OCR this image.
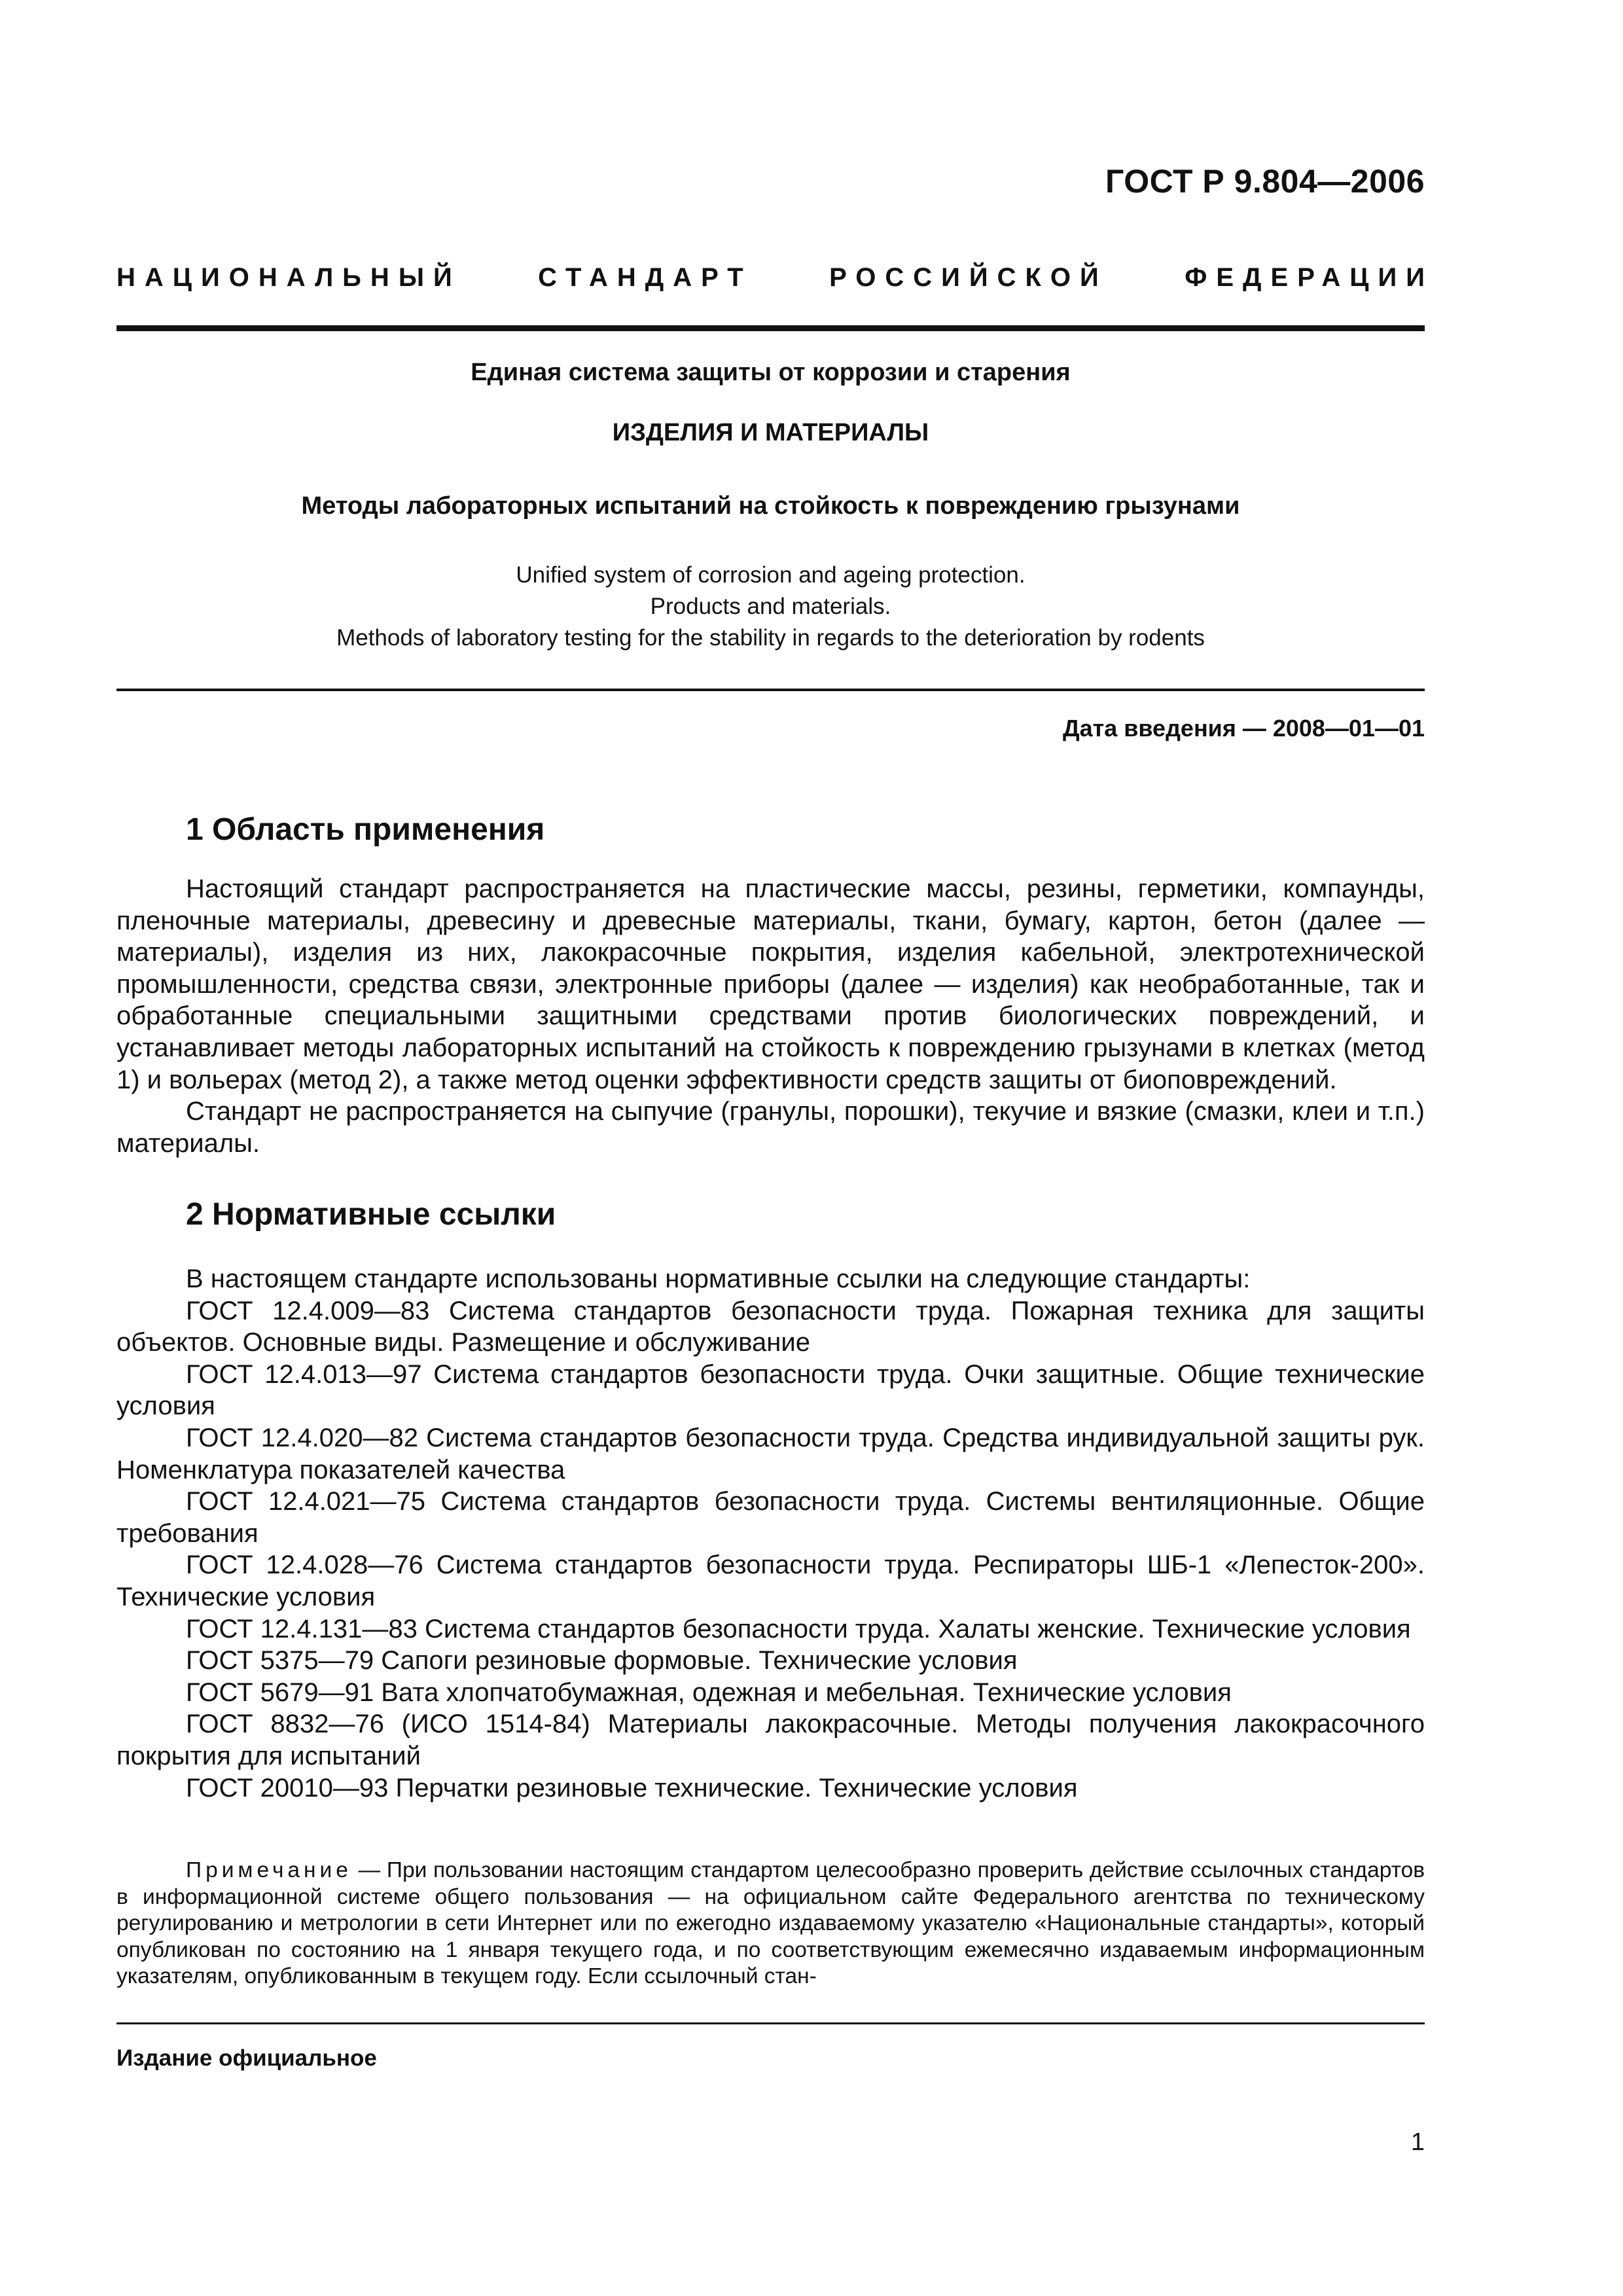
ГОСТ Р 9.804—2006
НАЦИОНАЛЬНЫЙ	СТАНДАРТ	РОССИЙСКОЙ	ФЕДЕРАЦИИ
Единая система защиты от коррозии и старения
ИЗДЕЛИЯ И МАТЕРИАЛЫ
Методы лабораторных испытаний на стойкость к повреждению грызунами
Unified system of corrosion and ageing protection.
Products and materials.
Methods of laboratory testing for the stability in regards to the deterioration by rodents
Дата введения — 2008—01—01
1 Область применения

Настоящий стандарт распространяется на пластические массы, резины, герметики, компаунды, пленочные материалы, древесину и древесные материалы, ткани, бумагу, картон, бетон (далее — материалы), изделия из них, лакокрасочные покрытия, изделия кабельной, электротехнической промышленности, средства связи, электронные приборы (далее — изделия) как необработанные, так и обработанные специальными защитными средствами против биологических повреждений, и устанавливает методы лабораторных испытаний на стойкость к повреждению грызунами в клетках (метод 1) и вольерах (метод 2), а также метод оценки эффективности средств защиты от биоповреждений.

Стандарт не распространяется на сыпучие (гранулы, порошки), текучие и вязкие (смазки, клеи и т.п.) материалы.

2 Нормативные ссылки

В настоящем стандарте использованы нормативные ссылки на следующие стандарты:

ГОСТ 12.4.009—83 Система стандартов безопасности труда. Пожарная техника для защиты объектов. Основные виды. Размещение и обслуживание

ГОСТ 12.4.013—97 Система стандартов безопасности труда. Очки защитные. Общие технические условия

ГОСТ 12.4.020—82 Система стандартов безопасности труда. Средства индивидуальной защиты рук. Номенклатура показателей качества

ГОСТ 12.4.021—75 Система стандартов безопасности труда. Системы вентиляционные. Общие требования

ГОСТ 12.4.028—76 Система стандартов безопасности труда. Респираторы ШБ-1 «Лепесток-200». Технические условия

ГОСТ 12.4.131—83 Система стандартов безопасности труда. Халаты женские. Технические условия

ГОСТ 5375—79 Сапоги резиновые формовые. Технические условия

ГОСТ 5679—91 Вата хлопчатобумажная, одежная и мебельная. Технические условия

ГОСТ 8832—76 (ИСО 1514-84) Материалы лакокрасочные. Методы получения лакокрасочного покрытия для испытаний

ГОСТ 20010—93 Перчатки резиновые технические. Технические условия

Примечание — При пользовании настоящим стандартом целесообразно проверить действие ссылочных стандартов в информационной системе общего пользования — на официальном сайте Федерального агентства по техническому регулированию и метрологии в сети Интернет или по ежегодно издаваемому указателю «Национальные стандарты», который опубликован по состоянию на 1 января текущего года, и по соответствующим ежемесячно издаваемым информационным указателям, опубликованным в текущем году. Если ссылочный стан-
Издание официальное
1
